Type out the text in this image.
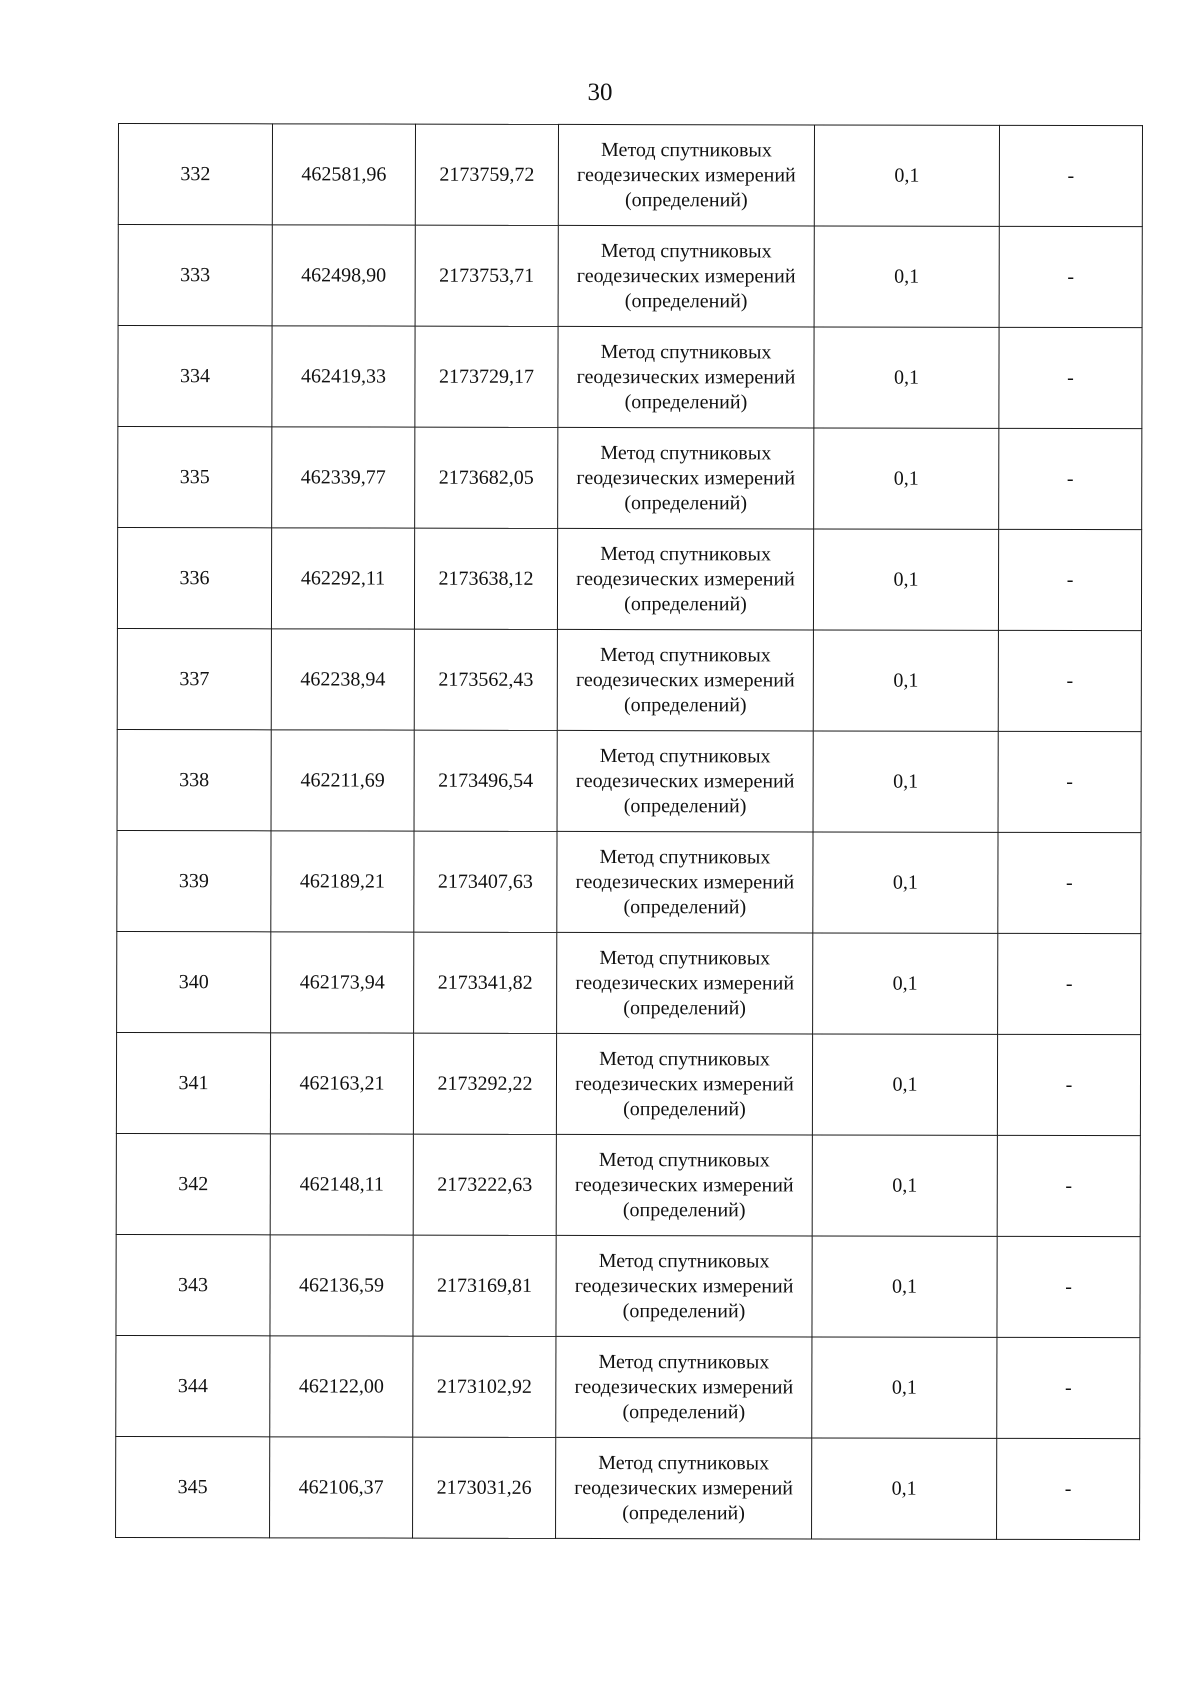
30
332	462581,96	2173759,72	Метод спутниковых
геодезических измерений
(определений)	0,1	-
333	462498,90	2173753,71	Метод спутниковых
геодезических измерений
(определений)	0,1	-
334	462419,33	2173729,17	Метод спутниковых
геодезических измерений
(определений)	0,1	-
335	462339,77	2173682,05	Метод спутниковых
геодезических измерений
(определений)	0,1	-
336	462292,11	2173638,12	Метод спутниковых
геодезических измерений
(определений)	0,1	-
337	462238,94	2173562,43	Метод спутниковых
геодезических измерений
(определений)	0,1	-
338	462211,69	2173496,54	Метод спутниковых
геодезических измерений
(определений)	0,1	-
339	462189,21	2173407,63	Метод спутниковых
геодезических измерений
(определений)	0,1	-
340	462173,94	2173341,82	Метод спутниковых
геодезических измерений
(определений)	0,1	-
341	462163,21	2173292,22	Метод спутниковых
геодезических измерений
(определений)	0,1	-
342	462148,11	2173222,63	Метод спутниковых
геодезических измерений
(определений)	0,1	-
343	462136,59	2173169,81	Метод спутниковых
геодезических измерений
(определений)	0,1	-
344	462122,00	2173102,92	Метод спутниковых
геодезических измерений
(определений)	0,1	-
345	462106,37	2173031,26	Метод спутниковых
геодезических измерений
(определений)	0,1	-
